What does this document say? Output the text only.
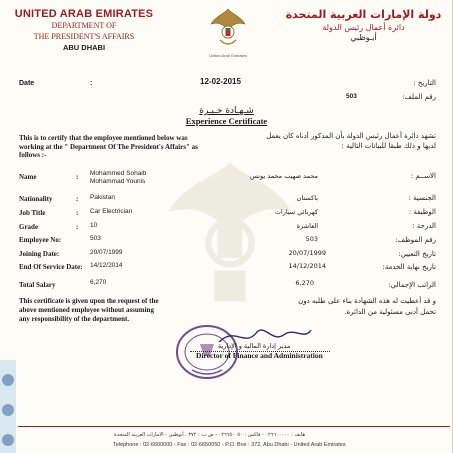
UNITED ARAB EMIRATES
DEPARTMENT OF
THE PRESIDENT'S AFFAIRS
ABU DHABI
United Arab Emirates
دولة الإمارات العربية المتحدة
دائرة أعمال رئيس الدولة
أبـوظبي
Date	:	12-02-2015	التاريخ :
رقم الملف:
503
شـهـادة خـبـرة
Experience Certificate
This is to certify that the employee mentioned below was working at the " Department Of The President's Affairs" as follows :-
تشهد دائرة أعمال رئيس الدولة بأن المذكور أدناه كان يعمل لديها و ذلك طبقا للبيانات التالية :
Name	: Mohammed Sohaib Mohammad Younis
محمد صهيب محمد يونس	الاســم :
Nationality	: Pakistan	باكستان	الجنسية :
Job Title	: Car Electrician	كهربائي سيارات	الوظيفة :
Grade	: 10	العاشرة	الدرجة :
Employee No:	503	503	رقم الموظف:
Joining Date:	20/07/1999	20/07/1999	تاريخ التعيين:
End Of Service Date: 14/12/2014	14/12/2014	تاريخ نهاية الخدمة:
Total Salary	6,270	6,270	الراتب الإجمالي:
This certificate is given upon the request of the above mentioned employee without assuming any responsibility of the department.
و قد أعطيت له هذه الشهادة بناء على طلبه دون تحمل أدنى مسئولية من الدائرة.
مدير إدارة المالية و الإدارية
Director of Finance and Administration
هاتف : ٠٢٦٦٠٠٠٠٠ - فاكس : ٠٢٦٦٥٠٠٥٠ - ص.ب : ٣٧٢ ، أبوظبي - الامارات العربية المتحدة
Telephone : 02-6600000 - Fax : 02-6650050 - P.O. Box : 372, Abu Dhabi - United Arab Emirates
